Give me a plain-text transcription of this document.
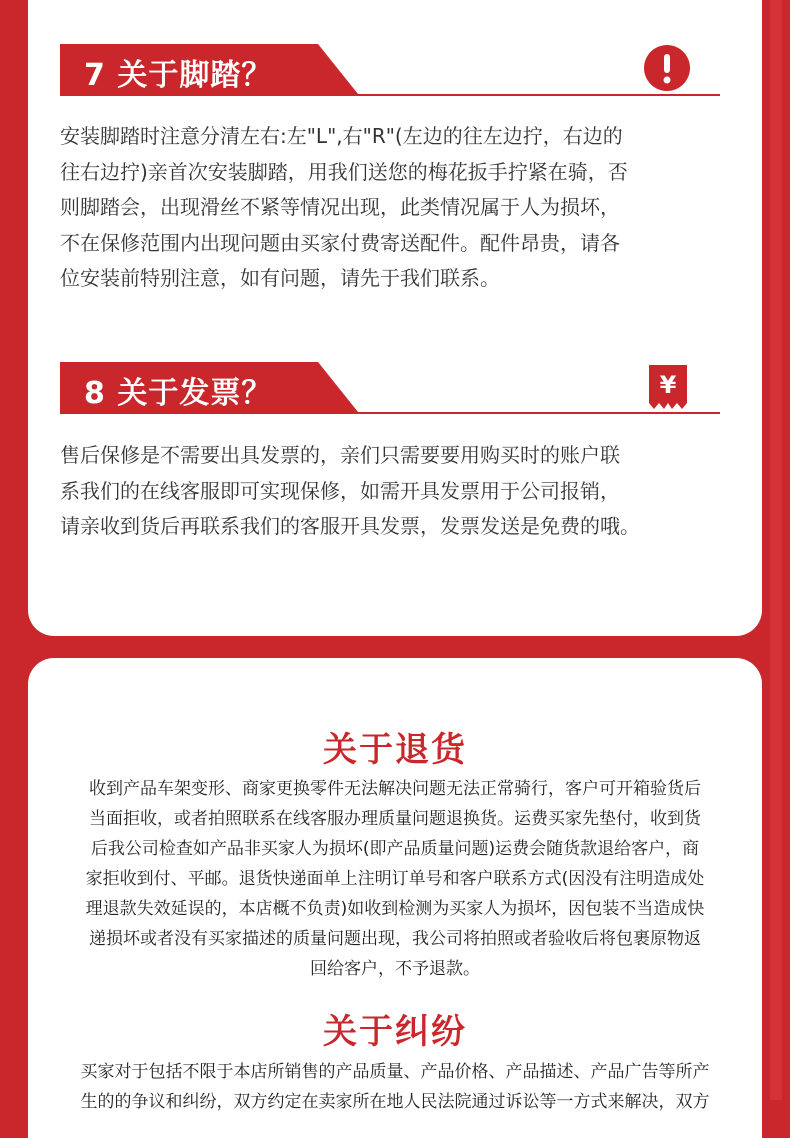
7 关于脚踏？
安装脚踏时注意分清左右:左"L",右"R"(左边的往左边拧，右边的
往右边拧)亲首次安装脚踏，用我们送您的梅花扳手拧紧在骑，否
则脚踏会，出现滑丝不紧等情况出现，此类情况属于人为损坏，
不在保修范围内出现问题由买家付费寄送配件。配件昂贵，请各
位安装前特别注意，如有问题，请先于我们联系。
8 关于发票？	¥
售后保修是不需要出具发票的，亲们只需要要用购买时的账户联
系我们的在线客服即可实现保修，如需开具发票用于公司报销，
请亲收到货后再联系我们的客服开具发票，发票发送是免费的哦。
关于退货
收到产品车架变形、商家更换零件无法解决问题无法正常骑行，客户可开箱验货后
当面拒收，或者拍照联系在线客服办理质量问题退换货。运费买家先垫付，收到货
后我公司检查如产品非买家人为损坏(即产品质量问题)运费会随货款退给客户，商
家拒收到付、平邮。退货快递面单上注明订单号和客户联系方式(因没有注明造成处
理退款失效延误的，本店概不负责)如收到检测为买家人为损坏，因包装不当造成快
递损坏或者没有买家描述的质量问题出现，我公司将拍照或者验收后将包裹原物返
回给客户，不予退款。
关于纠纷
买家对于包括不限于本店所销售的产品质量、产品价格、产品描述、产品广告等所产
生的的争议和纠纷，双方约定在卖家所在地人民法院通过诉讼等一方式来解决，双方
